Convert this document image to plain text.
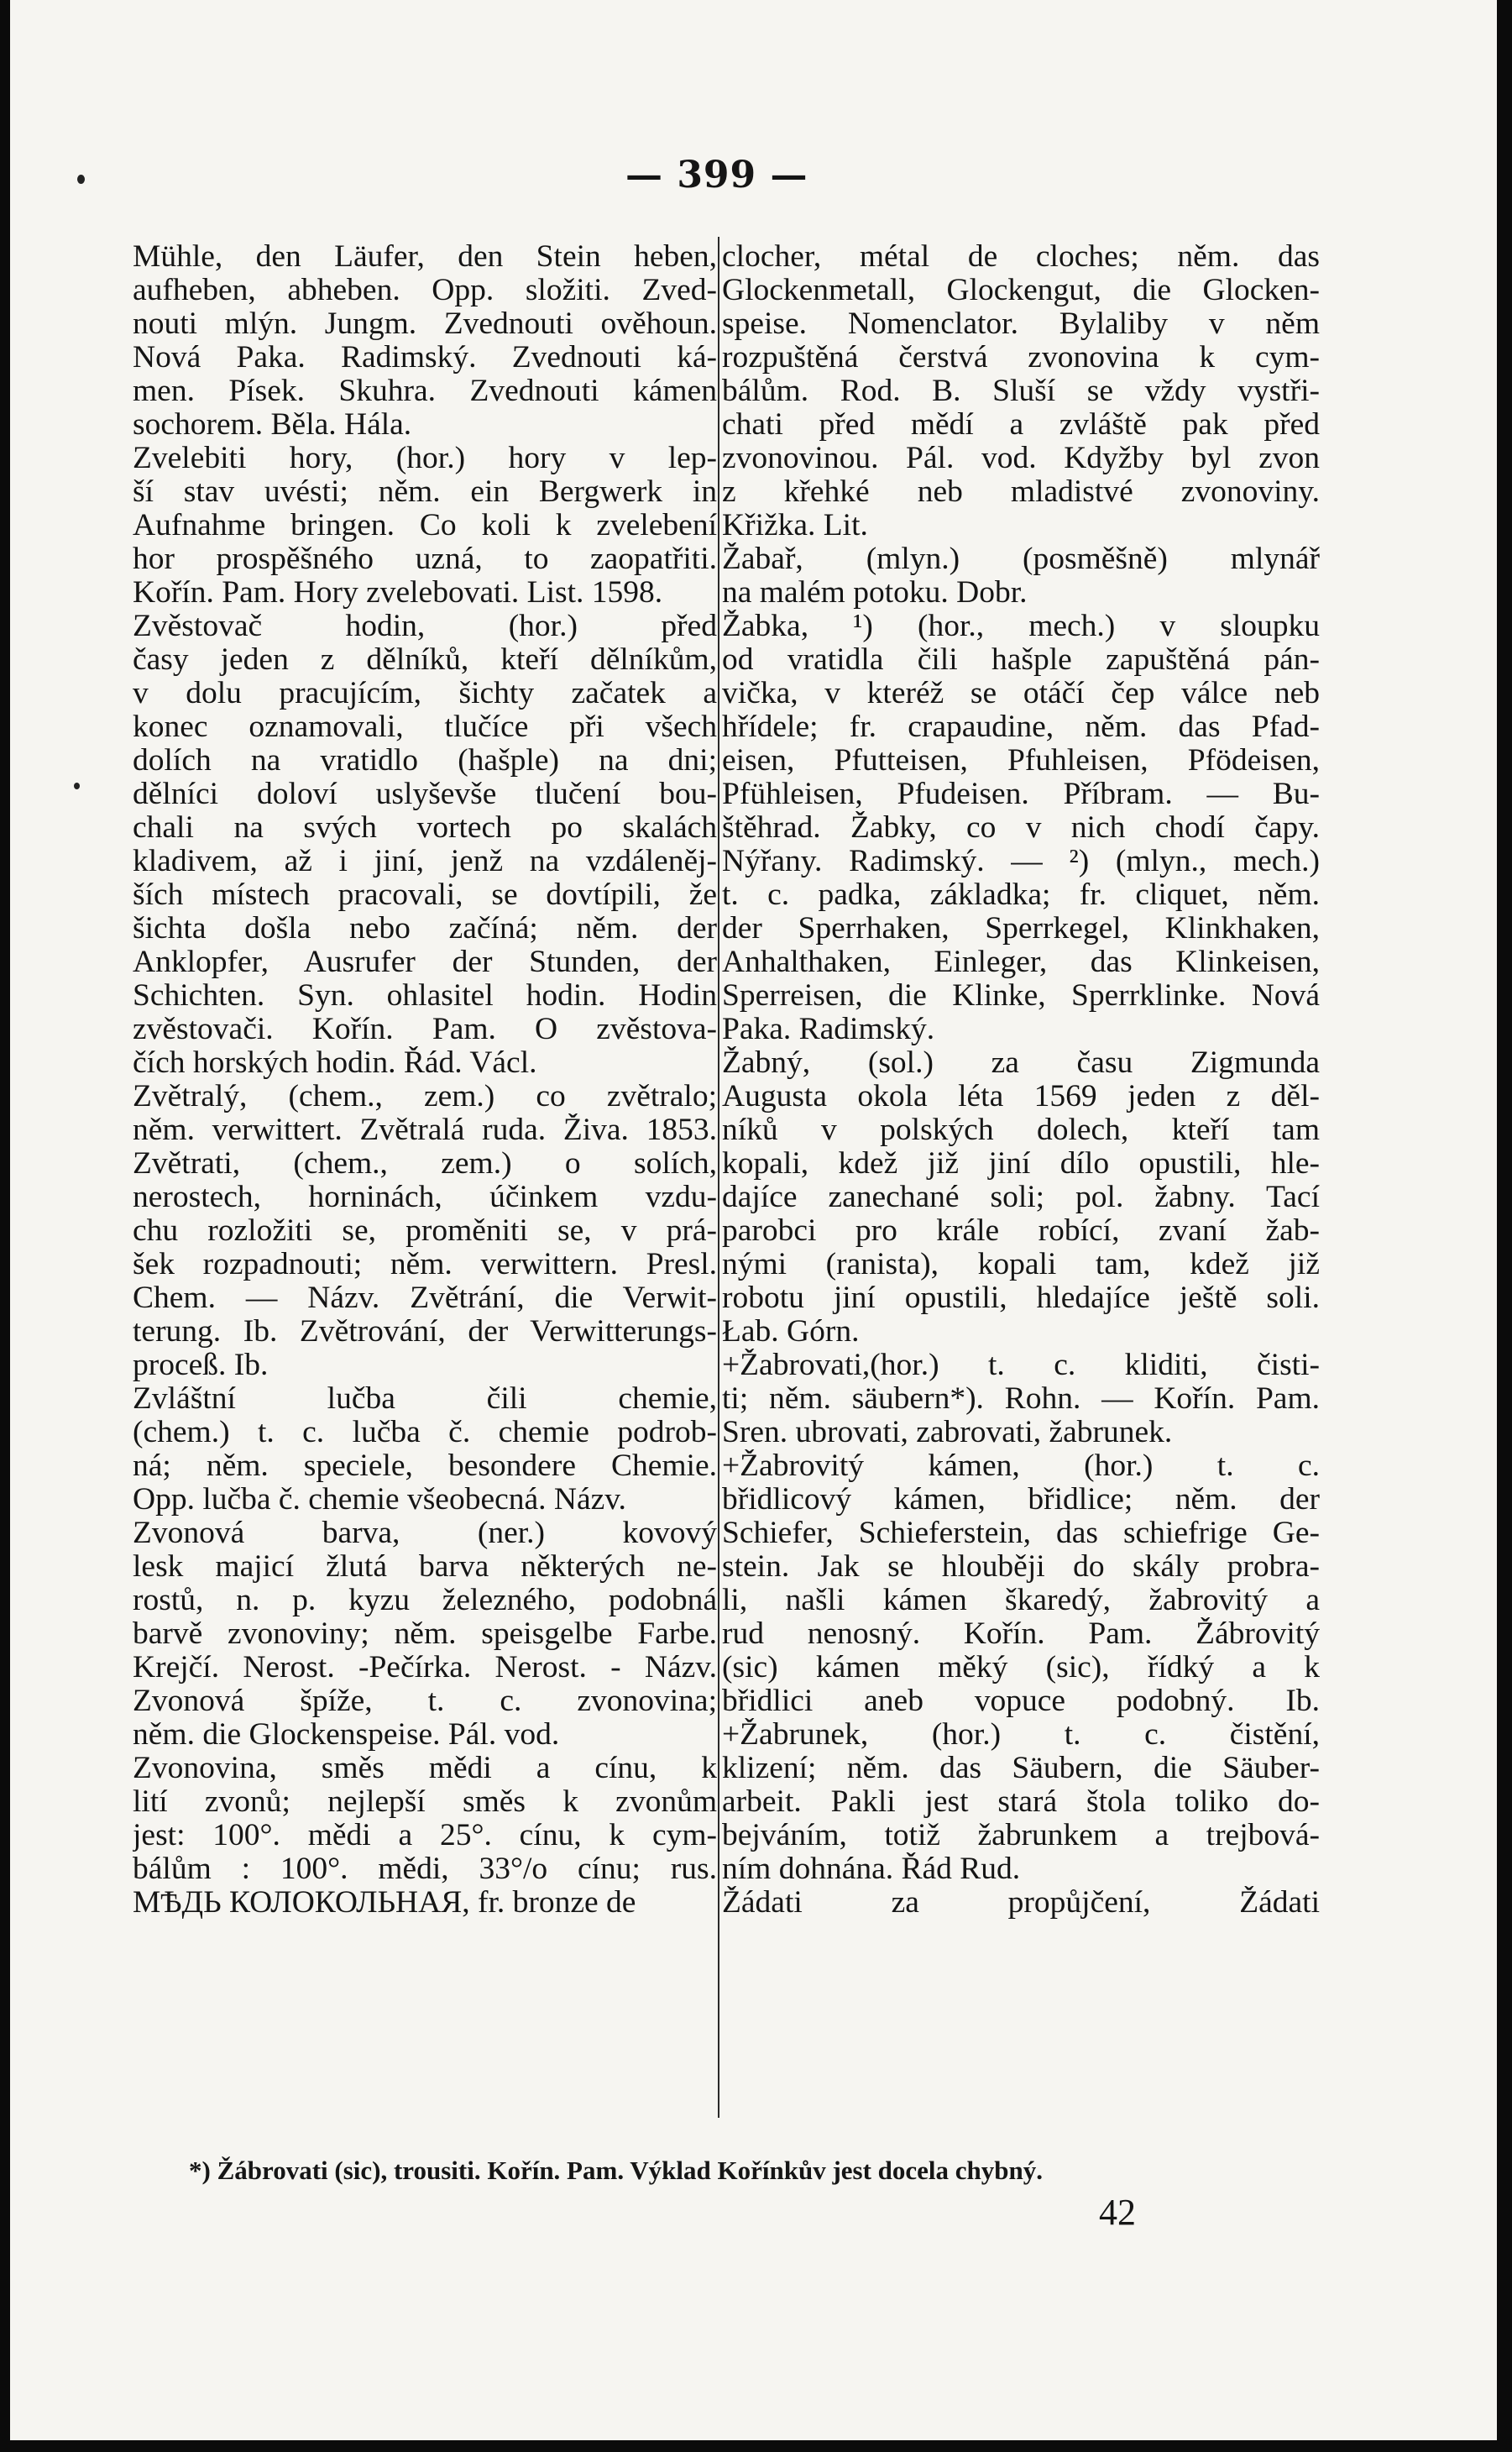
— 399 —
Mühle, den Läufer, den Stein heben,
aufheben, abheben. Opp. složiti. Zved-
nouti mlýn. Jungm. Zvednouti ověhoun.
Nová Paka. Radimský. Zvednouti ká-
men. Písek. Skuhra. Zvednouti kámen
sochorem. Běla. Hála.
Zvelebiti hory, (hor.) hory v lep-
ší stav uvésti; něm. ein Bergwerk in
Aufnahme bringen. Co koli k zvelebení
hor prospěšného uzná, to zaopatřiti.
Kořín. Pam. Hory zvelebovati. List. 1598.
Zvěstovač hodin, (hor.) před
časy jeden z dělníků, kteří dělníkům,
v dolu pracujícím, šichty začatek a
konec oznamovali, tlučíce při všech
dolích na vratidlo (hašple) na dni;
dělníci doloví uslyševše tlučení bou-
chali na svých vortech po skalách
kladivem, až i jiní, jenž na vzdáleněj-
ších místech pracovali, se dovtípili, že
šichta došla nebo začíná; něm. der
Anklopfer, Ausrufer der Stunden, der
Schichten. Syn. ohlasitel hodin. Hodin
zvěstovači. Kořín. Pam. O zvěstova-
čích horských hodin. Řád. Václ.
Zvětralý, (chem., zem.) co zvětralo;
něm. verwittert. Zvětralá ruda. Živa. 1853.
Zvětrati, (chem., zem.) o solích,
nerostech, horninách, účinkem vzdu-
chu rozložiti se, proměniti se, v prá-
šek rozpadnouti; něm. verwittern. Presl.
Chem. — Názv. Zvětrání, die Verwit-
terung. Ib. Zvětrování, der Verwitterungs-
proceß. Ib.
Zvláštní lučba čili chemie,
(chem.) t. c. lučba č. chemie podrob-
ná; něm. speciele, besondere Chemie.
Opp. lučba č. chemie všeobecná. Názv.
Zvonová barva, (ner.) kovový
lesk majicí žlutá barva některých ne-
rostů, n. p. kyzu železného, podobná
barvě zvonoviny; něm. speisgelbe Farbe.
Krejčí. Nerost. -Pečírka. Nerost. - Názv.
Zvonová špíže, t. c. zvonovina;
něm. die Glockenspeise. Pál. vod.
Zvonovina, směs mědi a cínu, k
lití zvonů; nejlepší směs k zvonům
jest: 100°. mědi a 25°. cínu, k cym-
bálům : 100°. mědi, 33°/o cínu; rus.
МѢДЬ КОЛОКОЛЬНАЯ, fr. bronze de
clocher, métal de cloches; něm. das
Glockenmetall, Glockengut, die Glocken-
speise. Nomenclator. Bylaliby v něm
rozpuštěná čerstvá zvonovina k cym-
bálům. Rod. B. Sluší se vždy vystři-
chati před mědí a zvláště pak před
zvonovinou. Pál. vod. Kdyžby byl zvon
z křehké neb mladistvé zvonoviny.
Křižka. Lit.
Žabař, (mlyn.) (posměšně) mlynář
na malém potoku. Dobr.
Žabka, ¹) (hor., mech.) v sloupku
od vratidla čili hašple zapuštěná pán-
vička, v kteréž se otáčí čep válce neb
hřídele; fr. crapaudine, něm. das Pfad-
eisen, Pfutteisen, Pfuhleisen, Pfödeisen,
Pfühleisen, Pfudeisen. Příbram. — Bu-
štěhrad. Žabky, co v nich chodí čapy.
Nýřany. Radimský. — ²) (mlyn., mech.)
t. c. padka, základka; fr. cliquet, něm.
der Sperrhaken, Sperrkegel, Klinkhaken,
Anhalthaken, Einleger, das Klinkeisen,
Sperreisen, die Klinke, Sperrklinke. Nová
Paka. Radimský.
Žabný, (sol.) za času Zigmunda
Augusta okola léta 1569 jeden z děl-
níků v polských dolech, kteří tam
kopali, kdež již jiní dílo opustili, hle-
dajíce zanechané soli; pol. žabny. Tací
parobci pro krále robící, zvaní žab-
nými (ranista), kopali tam, kdež již
robotu jiní opustili, hledajíce ještě soli.
Łab. Górn.
+Žabrovati,(hor.) t. c. kliditi, čisti-
ti; něm. säubern*). Rohn. — Kořín. Pam.
Sren. ubrovati, zabrovati, žabrunek.
+Žabrovitý kámen, (hor.) t. c.
břidlicový kámen, břidlice; něm. der
Schiefer, Schieferstein, das schiefrige Ge-
stein. Jak se hlouběji do skály probra-
li, našli kámen škaredý, žabrovitý a
rud nenosný. Kořín. Pam. Žábrovitý
(sic) kámen měký (sic), řídký a k
břidlici aneb vopuce podobný. Ib.
+Žabrunek, (hor.) t. c. čistění,
klizení; něm. das Säubern, die Säuber-
arbeit. Pakli jest stará štola toliko do-
bejváním, totiž žabrunkem a trejbová-
ním dohnána. Řád Rud.
Žádati za propůjčení, Žádati
*) Žábrovati (sic), trousiti. Kořín. Pam. Výklad Kořínkův jest docela chybný.
42
